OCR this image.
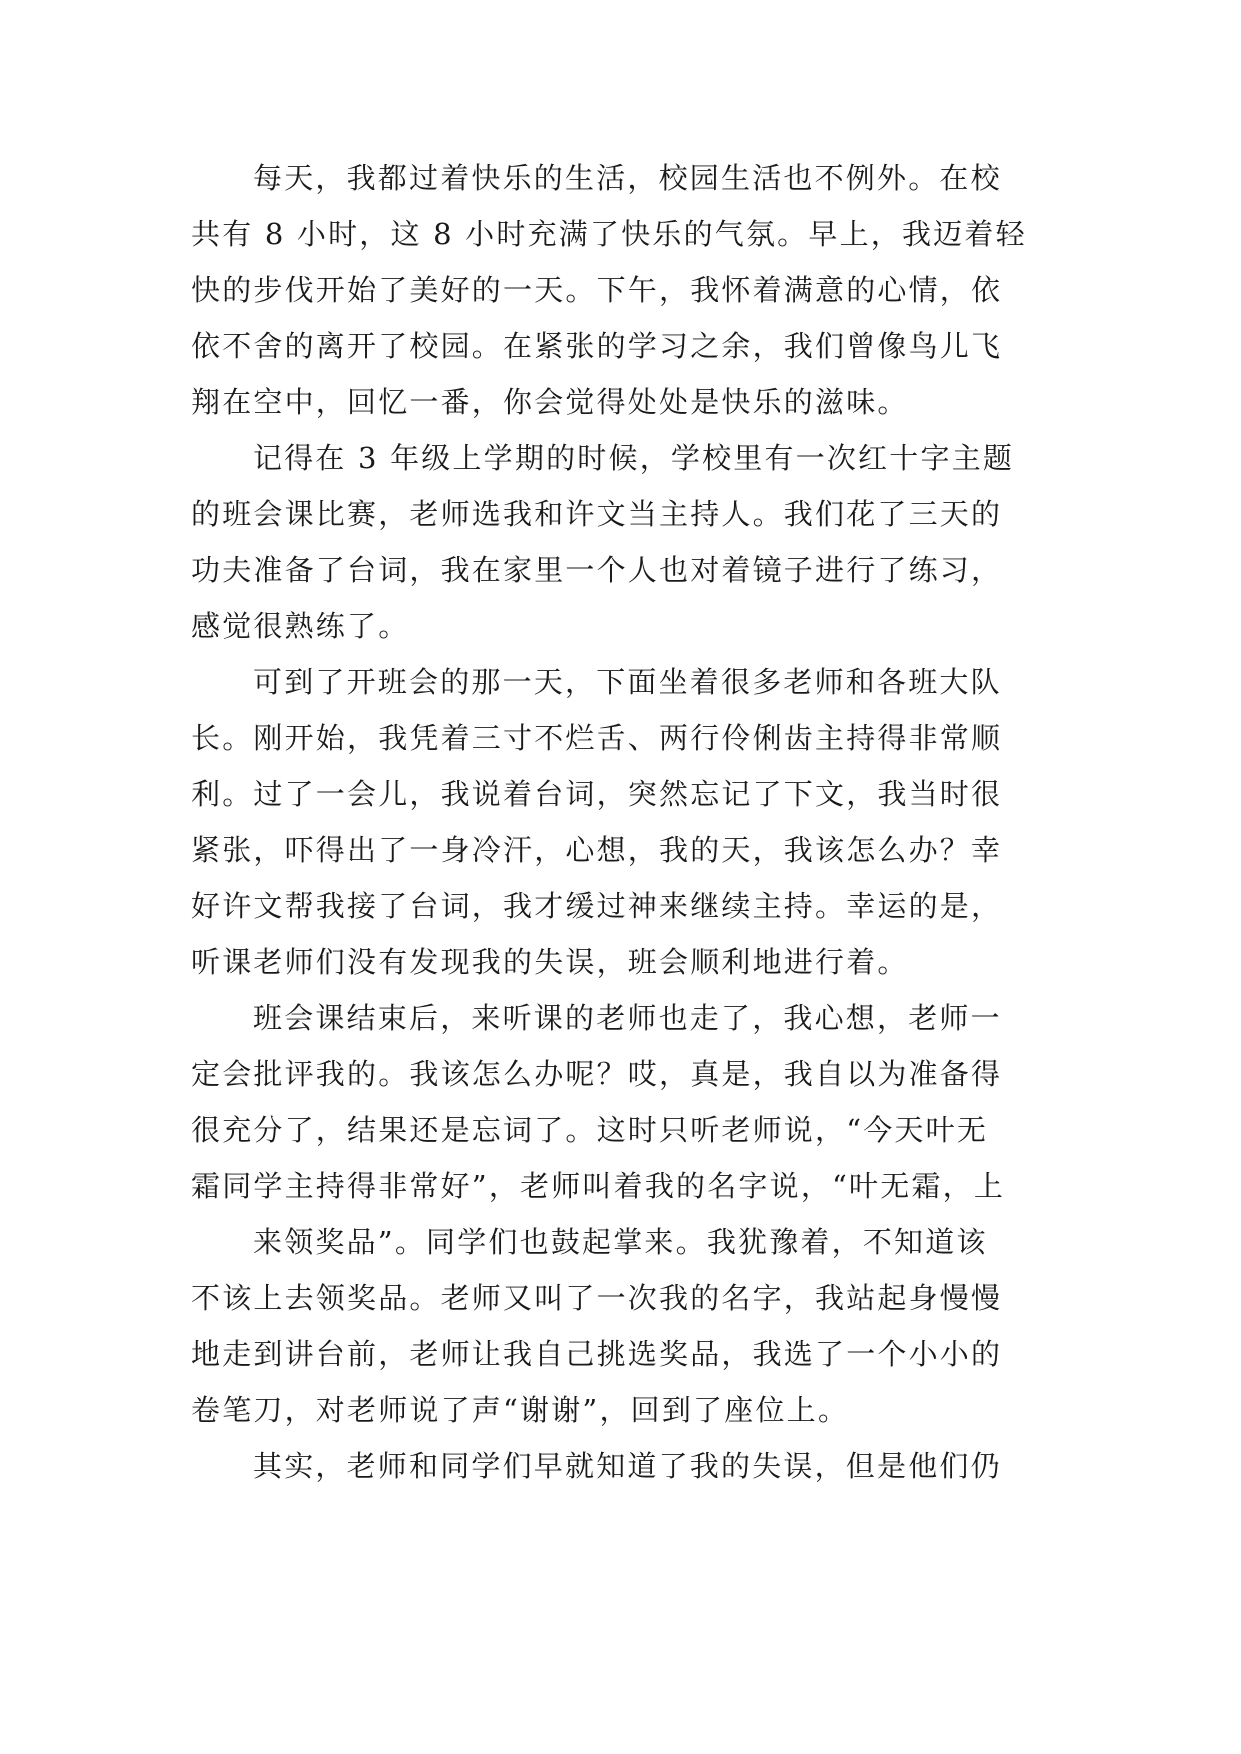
每天，我都过着快乐的生活，校园生活也不例外。在校
共有 8 小时，这 8 小时充满了快乐的气氛。早上，我迈着轻
快的步伐开始了美好的一天。下午，我怀着满意的心情，依
依不舍的离开了校园。在紧张的学习之余，我们曾像鸟儿飞
翔在空中，回忆一番，你会觉得处处是快乐的滋味。
记得在 3 年级上学期的时候，学校里有一次红十字主题
的班会课比赛，老师选我和许文当主持人。我们花了三天的
功夫准备了台词，我在家里一个人也对着镜子进行了练习，
感觉很熟练了。
可到了开班会的那一天，下面坐着很多老师和各班大队
长。刚开始，我凭着三寸不烂舌、两行伶俐齿主持得非常顺
利。过了一会儿，我说着台词，突然忘记了下文，我当时很
紧张，吓得出了一身冷汗，心想，我的天，我该怎么办？幸
好许文帮我接了台词，我才缓过神来继续主持。幸运的是，
听课老师们没有发现我的失误，班会顺利地进行着。
班会课结束后，来听课的老师也走了，我心想，老师一
定会批评我的。我该怎么办呢？哎，真是，我自以为准备得
很充分了，结果还是忘词了。这时只听老师说，“今天叶无
霜同学主持得非常好”，老师叫着我的名字说，“叶无霜，上
来领奖品”。同学们也鼓起掌来。我犹豫着，不知道该
不该上去领奖品。老师又叫了一次我的名字，我站起身慢慢
地走到讲台前，老师让我自己挑选奖品，我选了一个小小的
卷笔刀，对老师说了声“谢谢”，回到了座位上。
其实，老师和同学们早就知道了我的失误，但是他们仍
